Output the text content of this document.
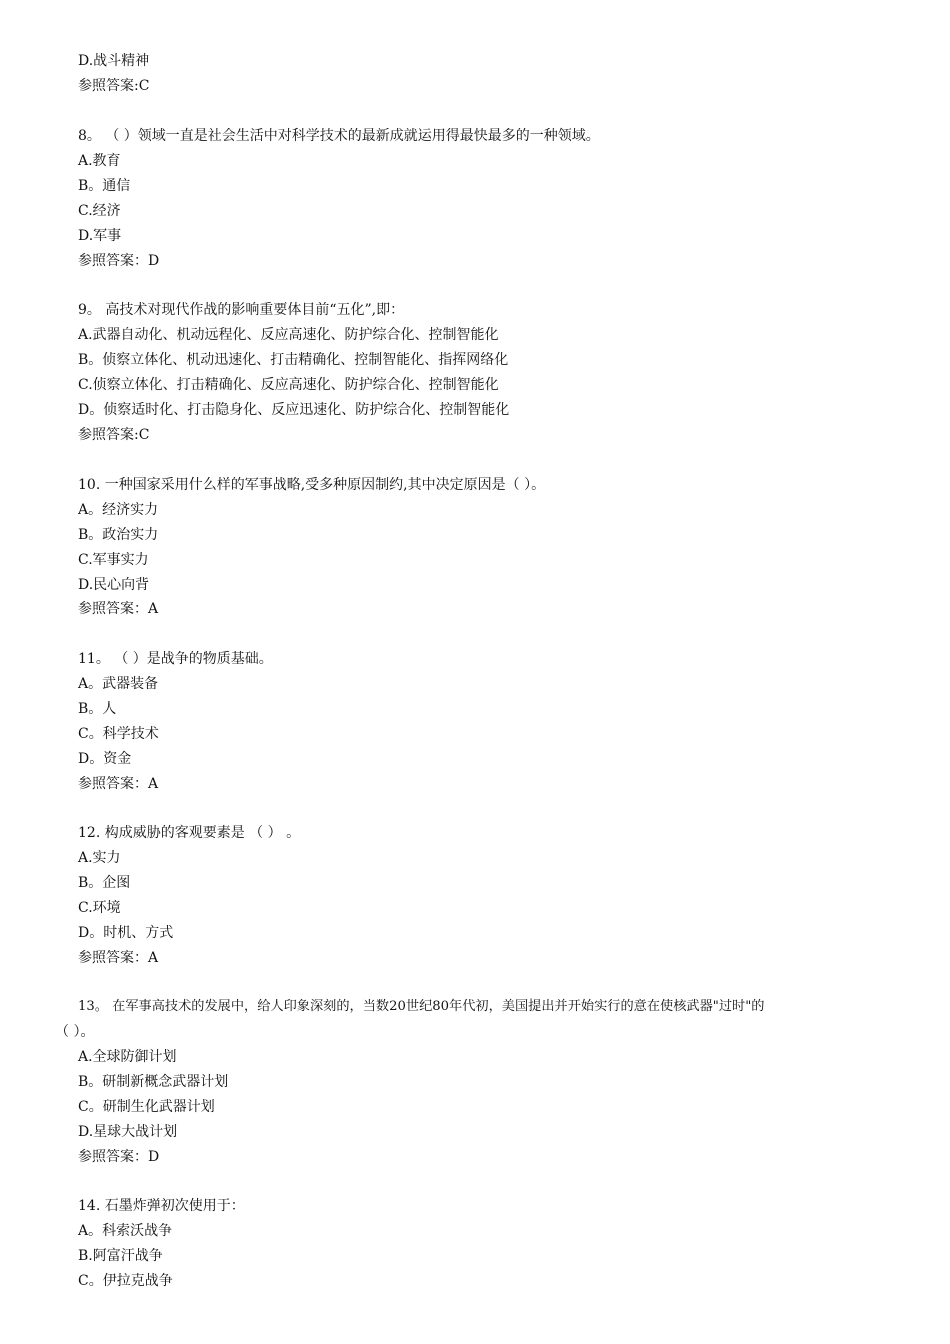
D.战斗精神
参照答案:C
8。 （ ）领域一直是社会生活中对科学技术的最新成就运用得最快最多的一种领域。
A.教育
B。通信
C.经济
D.军事
参照答案：D
9。 高技术对现代作战的影响重要体目前“五化”,即：
A.武器自动化、机动远程化、反应高速化、防护综合化、控制智能化
B。侦察立体化、机动迅速化、打击精确化、控制智能化、指挥网络化
C.侦察立体化、打击精确化、反应高速化、防护综合化、控制智能化
D。侦察适时化、打击隐身化、反应迅速化、防护综合化、控制智能化
参照答案:C
10. 一种国家采用什么样的军事战略,受多种原因制约,其中决定原因是（ ）。
A。经济实力
B。政治实力
C.军事实力
D.民心向背
参照答案：A
11。 （ ）是战争的物质基础。
A。武器装备
B。人
C。科学技术
D。资金
参照答案：A
12. 构成威胁的客观要素是 （ ） 。
A.实力
B。企图
C.环境
D。时机、方式
参照答案：A
13。 在军事高技术的发展中，给人印象深刻的，当数20世纪80年代初，美国提出并开始实行的意在使核武器"过时"的
（ ）。
A.全球防御计划
B。研制新概念武器计划
C。研制生化武器计划
D.星球大战计划
参照答案：D
14. 石墨炸弹初次使用于：
A。科索沃战争
B.阿富汗战争
C。伊拉克战争
